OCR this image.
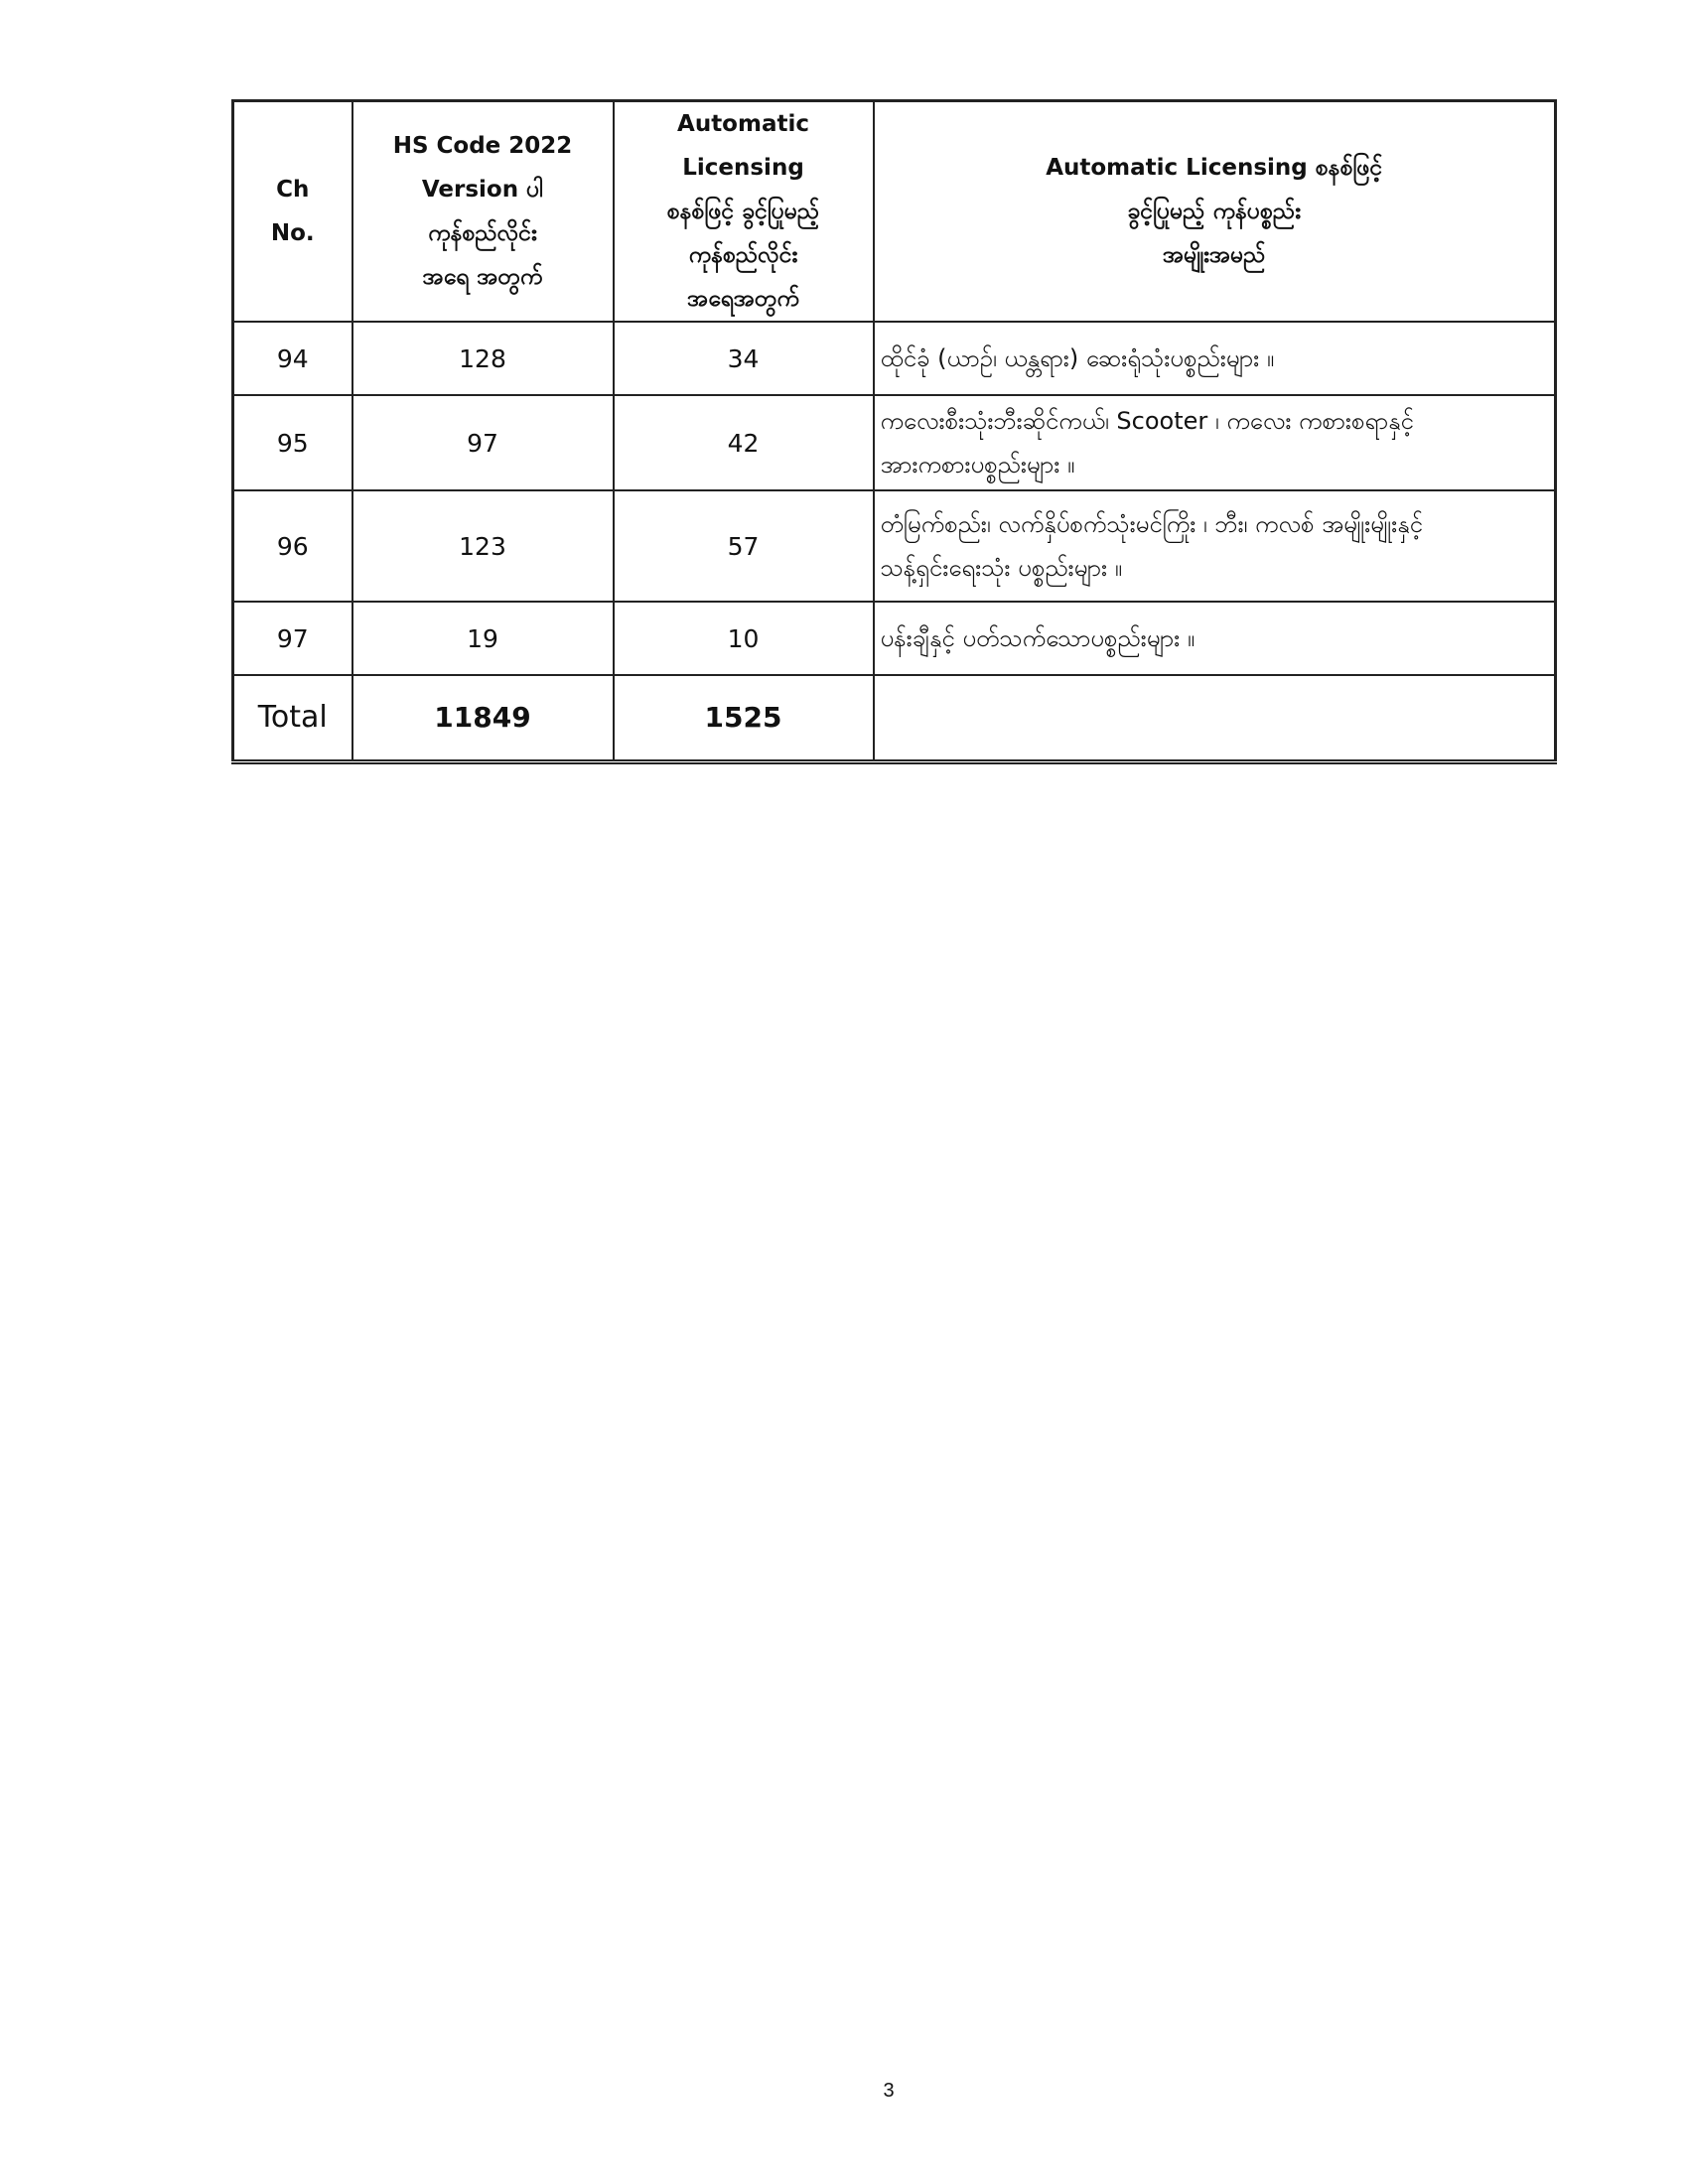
Ch
No.	HS Code 2022
Version ပါ
ကုန်စည်လိုင်း
အရေ အတွက်	Automatic Licensing
စနစ်ဖြင့် ခွင့်ပြုမည့်
ကုန်စည်လိုင်း
အရေအတွက်	Automatic Licensing စနစ်ဖြင့်
ခွင့်ပြုမည့် ကုန်ပစ္စည်း
အမျိုးအမည်

94	128	34	ထိုင်ခုံ (ယာဉ်၊ ယန္တရား) ဆေးရုံသုံးပစ္စည်းများ ။
95	97	42	ကလေးစီးသုံးဘီးဆိုင်ကယ်၊ Scooter ၊ ကလေး ကစားစရာနှင့်
အားကစားပစ္စည်းများ ။
96	123	57	တံမြက်စည်း၊ လက်နှိပ်စက်သုံးမင်ကြိုး ၊ ဘီး၊ ကလစ် အမျိုးမျိုးနှင့်
သန့်ရှင်းရေးသုံး ပစ္စည်းများ ။
97	19	10	ပန်းချီနှင့် ပတ်သက်သောပစ္စည်းများ ။
Total	11849	1525	
3
